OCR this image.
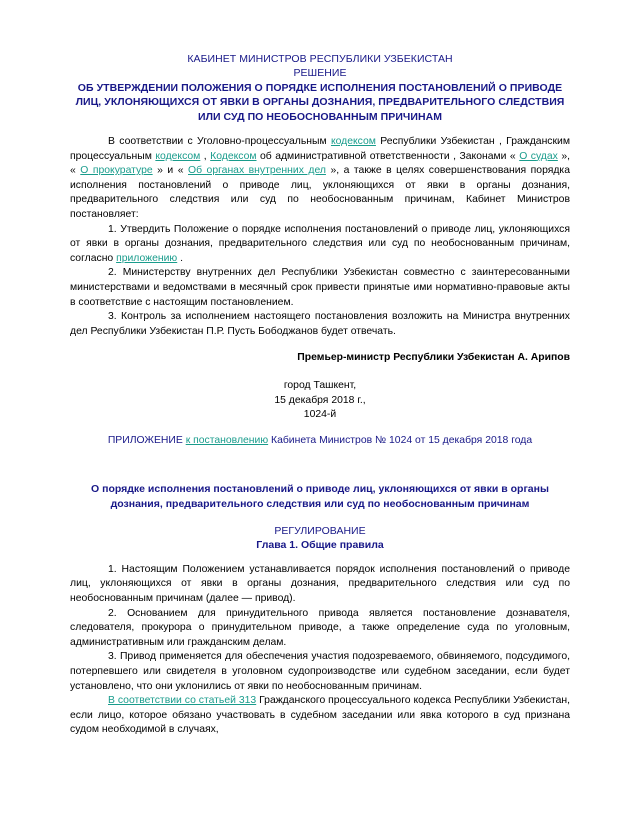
КАБИНЕТ МИНИСТРОВ РЕСПУБЛИКИ УЗБЕКИСТАН
РЕШЕНИЕ
ОБ УТВЕРЖДЕНИИ ПОЛОЖЕНИЯ О ПОРЯДКЕ ИСПОЛНЕНИЯ ПОСТАНОВЛЕНИЙ О ПРИВОДЕ ЛИЦ, УКЛОНЯЮЩИХСЯ ОТ ЯВКИ В ОРГАНЫ ДОЗНАНИЯ, ПРЕДВАРИТЕЛЬНОГО СЛЕДСТВИЯ ИЛИ СУД ПО НЕОБОСНОВАННЫМ ПРИЧИНАМ

В соответствии с Уголовно-процессуальным кодексом Республики Узбекистан , Гражданским процессуальным кодексом , Кодексом об административной ответственности , Законами « О судах », « О прокуратуре » и « Об органах внутренних дел », а также в целях совершенствования порядка исполнения постановлений о приводе лиц, уклоняющихся от явки в органы дознания, предварительного следствия или суд по необоснованным причинам, Кабинет Министров постановляет:

1. Утвердить Положение о порядке исполнения постановлений о приводе лиц, уклоняющихся от явки в органы дознания, предварительного следствия или суд по необоснованным причинам, согласно приложению .

2. Министерству внутренних дел Республики Узбекистан совместно с заинтересованными министерствами и ведомствами в месячный срок привести принятые ими нормативно-правовые акты в соответствие с настоящим постановлением.

3. Контроль за исполнением настоящего постановления возложить на Министра внутренних дел Республики Узбекистан П.Р. Пусть Бободжанов будет отвечать.

Премьер-министр Республики Узбекистан А. Арипов
город Ташкент,
15 декабря 2018 г.,
1024-й
ПРИЛОЖЕНИЕ к постановлению Кабинета Министров № 1024 от 15 декабря 2018 года
О порядке исполнения постановлений о приводе лиц, уклоняющихся от явки в органы дознания, предварительного следствия или суд по необоснованным причинам
РЕГУЛИРОВАНИЕ
Глава 1. Общие правила

1. Настоящим Положением устанавливается порядок исполнения постановлений о приводе лиц, уклоняющихся от явки в органы дознания, предварительного следствия или суд по необоснованным причинам (далее — привод).

2. Основанием для принудительного привода является постановление дознавателя, следователя, прокурора о принудительном приводе, а также определение суда по уголовным, административным или гражданским делам.

3. Привод применяется для обеспечения участия подозреваемого, обвиняемого, подсудимого, потерпевшего или свидетеля в уголовном судопроизводстве или судебном заседании, если будет установлено, что они уклонились от явки по необоснованным причинам.

В соответствии со статьей 313 Гражданского процессуального кодекса Республики Узбекистан, если лицо, которое обязано участвовать в судебном заседании или явка которого в суд признана судом необходимой в случаях,
